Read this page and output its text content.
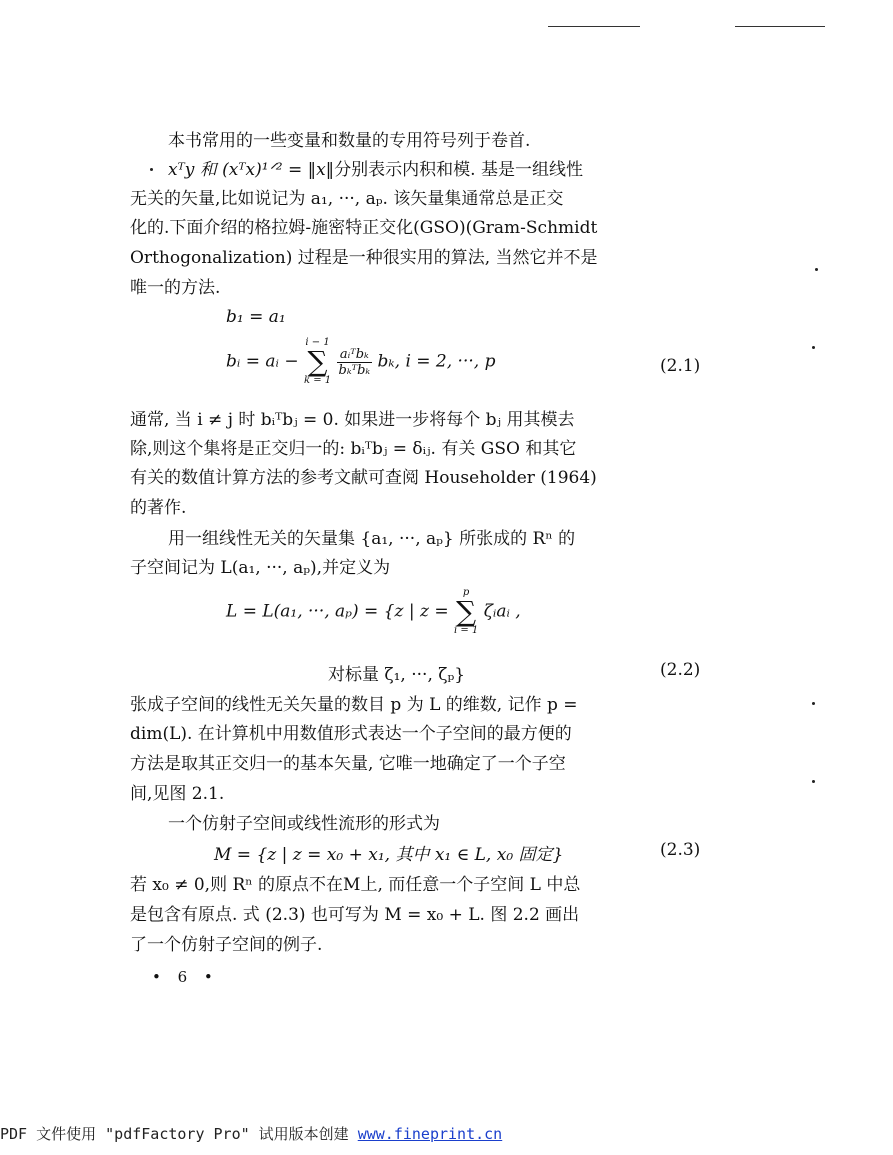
本书常用的一些变量和数量的专用符号列于卷首.
xᵀy 和 (xᵀx)¹ᐟ² = ‖x‖分别表示内积和模. 基是一组线性
无关的矢量,比如说记为 a₁, ···, aₚ. 该矢量集通常总是正交
化的.下面介绍的格拉姆-施密特正交化(GSO)(Gram-Schmidt
Orthogonalization) 过程是一种很实用的算法, 当然它并不是
唯一的方法.
b₁ = a₁
bᵢ = aᵢ −
i − 1
∑
k = 1

$\frac{\text{aᵢᵀbₖ}}{\text{bₖᵀbₖ}} b_k$, i = 2, ···, p	(2.1)
通常, 当 i ≠ j 时 bᵢᵀbⱼ = 0. 如果进一步将每个 bⱼ 用其模去
除,则这个集将是正交归一的: bᵢᵀbⱼ = δᵢⱼ. 有关 GSO 和其它
有关的数值计算方法的参考文献可查阅 Householder (1964)
的著作.
用一组线性无关的矢量集 {a₁, ···, aₚ} 所张成的 Rⁿ 的
子空间记为 L(a₁, ···, aₚ),并定义为
L = L(a₁, ···, aₚ) = {z | z =
p
∑
i = 1
ζᵢaᵢ ,
对标量 ζ₁, ···, ζₚ}	(2.2)
张成子空间的线性无关矢量的数目 p 为 L 的维数, 记作 p =
dim(L). 在计算机中用数值形式表达一个子空间的最方便的
方法是取其正交归一的基本矢量, 它唯一地确定了一个子空
间,见图 2.1.
一个仿射子空间或线性流形的形式为
M = {z | z = x₀ + x₁, 其中 x₁ ∈ L, x₀ 固定}	(2.3)
若 x₀ ≠ 0,则 Rⁿ 的原点不在M上, 而任意一个子空间 L 中总
是包含有原点. 式 (2.3) 也可写为 M = x₀ + L. 图 2.2 画出
了一个仿射子空间的例子.
• 6 •
PDF 文件使用 "pdfFactory Pro" 试用版本创建 www.fineprint.cn
